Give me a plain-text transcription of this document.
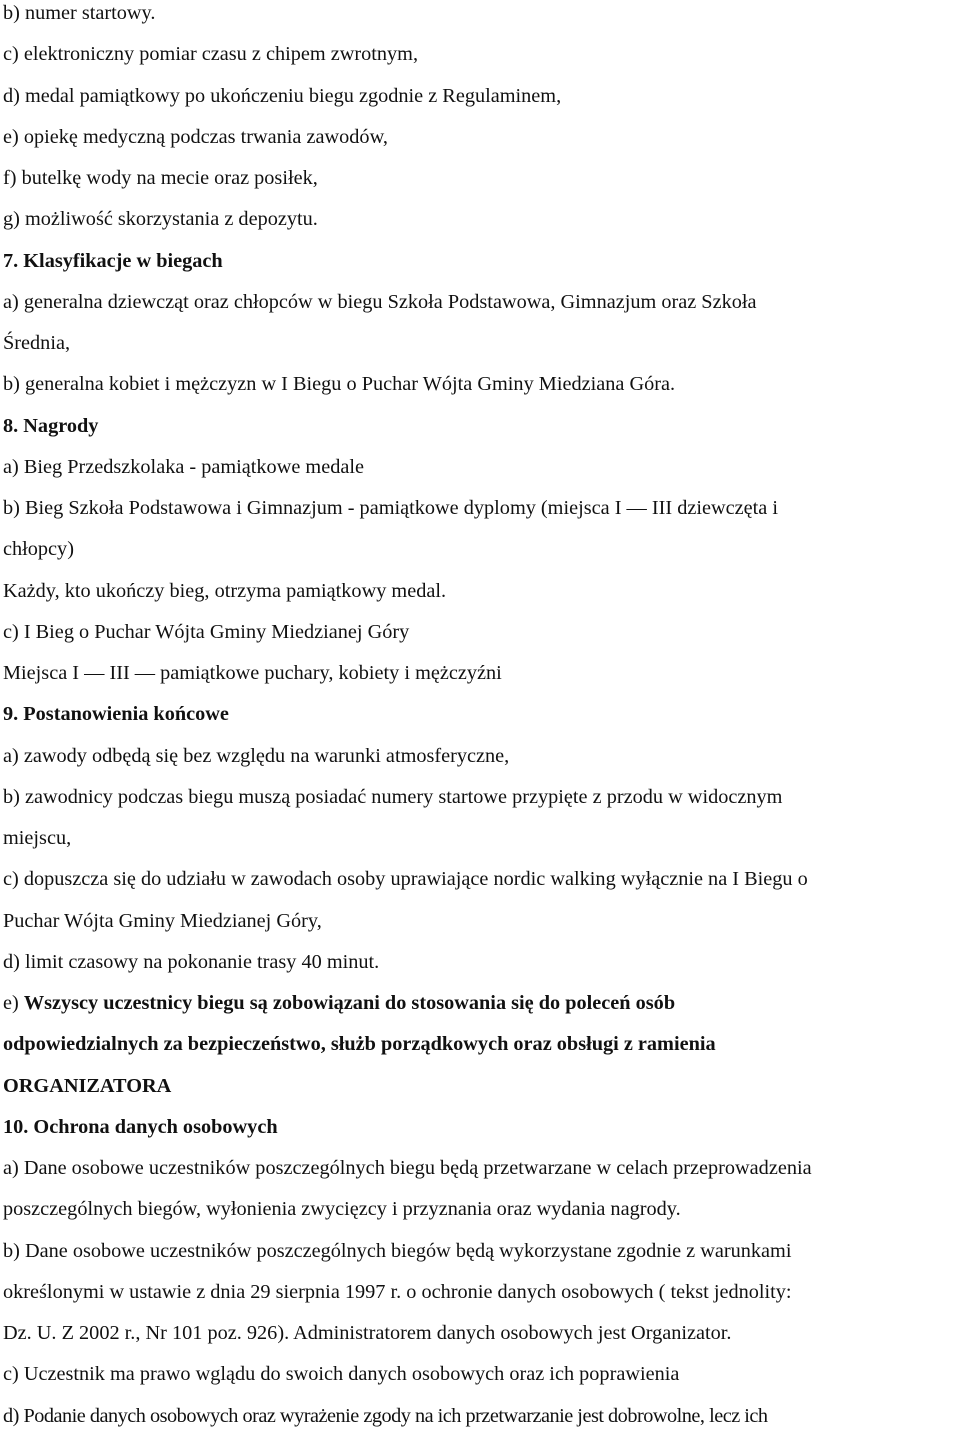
b) numer startowy.
c) elektroniczny pomiar czasu z chipem zwrotnym,
d) medal pamiątkowy po ukończeniu biegu zgodnie z Regulaminem,
e) opiekę medyczną podczas trwania zawodów,
f) butelkę wody na mecie oraz posiłek,
g) możliwość skorzystania z depozytu.
7. Klasyfikacje w biegach
a) generalna dziewcząt oraz chłopców w biegu Szkoła Podstawowa, Gimnazjum oraz Szkoła
Średnia,
b) generalna kobiet i mężczyzn w I Biegu o Puchar Wójta Gminy Miedziana Góra.
8. Nagrody
a) Bieg Przedszkolaka - pamiątkowe medale
b) Bieg Szkoła Podstawowa i Gimnazjum - pamiątkowe dyplomy (miejsca I — III dziewczęta i
chłopcy)
Każdy, kto ukończy bieg, otrzyma pamiątkowy medal.
c) I Bieg o Puchar Wójta Gminy Miedzianej Góry
Miejsca I — III — pamiątkowe puchary, kobiety i mężczyźni
9. Postanowienia końcowe
a) zawody odbędą się bez względu na warunki atmosferyczne,
b) zawodnicy podczas biegu muszą posiadać numery startowe przypięte z przodu w widocznym
miejscu,
c) dopuszcza się do udziału w zawodach osoby uprawiające nordic walking wyłącznie na I Biegu o
Puchar Wójta Gminy Miedzianej Góry,
d) limit czasowy na pokonanie trasy 40 minut.
e) Wszyscy uczestnicy biegu są zobowiązani do stosowania się do poleceń osób
odpowiedzialnych za bezpieczeństwo, służb porządkowych oraz obsługi z ramienia
ORGANIZATORA
10. Ochrona danych osobowych
a) Dane osobowe uczestników poszczególnych biegu będą przetwarzane w celach przeprowadzenia
poszczególnych biegów, wyłonienia zwycięzcy i przyznania oraz wydania nagrody.
b) Dane osobowe uczestników poszczególnych biegów będą wykorzystane zgodnie z warunkami
określonymi w ustawie z dnia 29 sierpnia 1997 r. o ochronie danych osobowych ( tekst jednolity:
Dz. U. Z 2002 r., Nr 101 poz. 926). Administratorem danych osobowych jest Organizator.
c) Uczestnik ma prawo wglądu do swoich danych osobowych oraz ich poprawienia
d) Podanie danych osobowych oraz wyrażenie zgody na ich przetwarzanie jest dobrowolne, lecz ich
